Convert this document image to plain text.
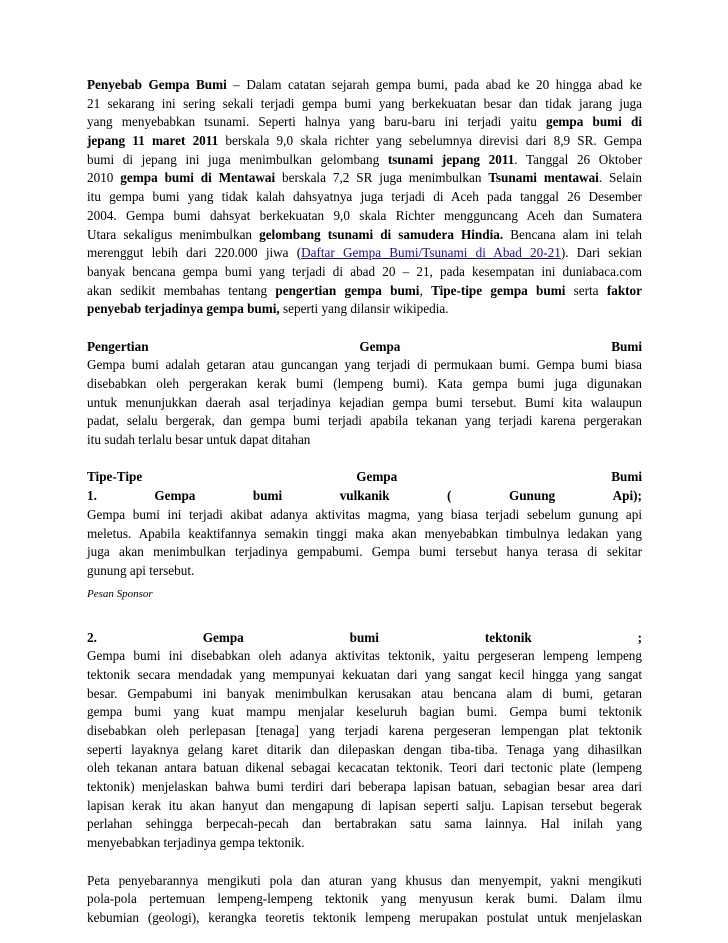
Penyebab Gempa Bumi – Dalam catatan sejarah gempa bumi, pada abad ke 20 hingga abad ke
21 sekarang ini sering sekali terjadi gempa bumi yang berkekuatan besar dan tidak jarang juga
yang menyebabkan tsunami. Seperti halnya yang baru-baru ini terjadi yaitu gempa bumi di
jepang 11 maret 2011 berskala 9,0 skala richter yang sebelumnya direvisi dari 8,9 SR. Gempa
bumi di jepang ini juga menimbulkan gelombang tsunami jepang 2011. Tanggal 26 Oktober
2010 gempa bumi di Mentawai berskala 7,2 SR juga menimbulkan Tsunami mentawai. Selain
itu gempa bumi yang tidak kalah dahsyatnya juga terjadi di Aceh pada tanggal 26 Desember
2004. Gempa bumi dahsyat berkekuatan 9,0 skala Richter mengguncang Aceh dan Sumatera
Utara sekaligus menimbulkan gelombang tsunami di samudera Hindia. Bencana alam ini telah
merenggut lebih dari 220.000 jiwa (Daftar Gempa Bumi/Tsunami di Abad 20-21). Dari sekian
banyak bencana gempa bumi yang terjadi di abad 20 – 21, pada kesempatan ini duniabaca.com
akan sedikit membahas tentang pengertian gempa bumi, Tipe-tipe gempa bumi serta faktor
penyebab terjadinya gempa bumi, seperti yang dilansir wikipedia.
Pengertian	Gempa	Bumi
Gempa bumi adalah getaran atau guncangan yang terjadi di permukaan bumi. Gempa bumi biasa
disebabkan oleh pergerakan kerak bumi (lempeng bumi). Kata gempa bumi juga digunakan
untuk menunjukkan daerah asal terjadinya kejadian gempa bumi tersebut. Bumi kita walaupun
padat, selalu bergerak, dan gempa bumi terjadi apabila tekanan yang terjadi karena pergerakan
itu sudah terlalu besar untuk dapat ditahan
Tipe-Tipe	Gempa	Bumi
1.	Gempa	bumi	vulkanik	(	Gunung	Api);
Gempa bumi ini terjadi akibat adanya aktivitas magma, yang biasa terjadi sebelum gunung api
meletus. Apabila keaktifannya semakin tinggi maka akan menyebabkan timbulnya ledakan yang
juga akan menimbulkan terjadinya gempabumi. Gempa bumi tersebut hanya terasa di sekitar
gunung api tersebut.
Pesan Sponsor
2.	Gempa	bumi	tektonik	;
Gempa bumi ini disebabkan oleh adanya aktivitas tektonik, yaitu pergeseran lempeng lempeng
tektonik secara mendadak yang mempunyai kekuatan dari yang sangat kecil hingga yang sangat
besar. Gempabumi ini banyak menimbulkan kerusakan atau bencana alam di bumi, getaran
gempa bumi yang kuat mampu menjalar keseluruh bagian bumi. Gempa bumi tektonik
disebabkan oleh perlepasan [tenaga] yang terjadi karena pergeseran lempengan plat tektonik
seperti layaknya gelang karet ditarik dan dilepaskan dengan tiba-tiba. Tenaga yang dihasilkan
oleh tekanan antara batuan dikenal sebagai kecacatan tektonik. Teori dari tectonic plate (lempeng
tektonik) menjelaskan bahwa bumi terdiri dari beberapa lapisan batuan, sebagian besar area dari
lapisan kerak itu akan hanyut dan mengapung di lapisan seperti salju. Lapisan tersebut begerak
perlahan sehingga berpecah-pecah dan bertabrakan satu sama lainnya. Hal inilah yang
menyebabkan terjadinya gempa tektonik.
Peta penyebarannya mengikuti pola dan aturan yang khusus dan menyempit, yakni mengikuti
pola-pola pertemuan lempeng-lempeng tektonik yang menyusun kerak bumi. Dalam ilmu
kebumian (geologi), kerangka teoretis tektonik lempeng merupakan postulat untuk menjelaskan
